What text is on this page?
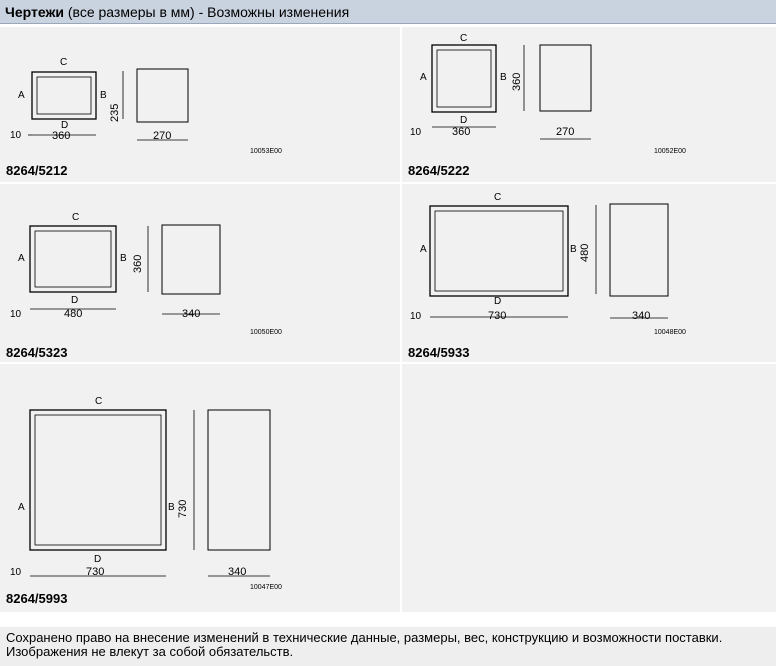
Чертежи (все размеры в мм) - Возможны изменения
C
A	B
D
10	360	270
235
10053E00
8264/5212
C
A	B
D
10	360	270
360
10052E00
8264/5222
C
A	B
D
10	480	340
360
10050E00
8264/5323
C
A	B
D
10	730	340
480
10048E00
8264/5933
C
A	B
D
10	730	340
730
10047E00
8264/5993
Сохранено право на внесение изменений в технические данные, размеры, вес, конструкцию и возможности поставки.
Изображения не влекут за собой обязательств.
